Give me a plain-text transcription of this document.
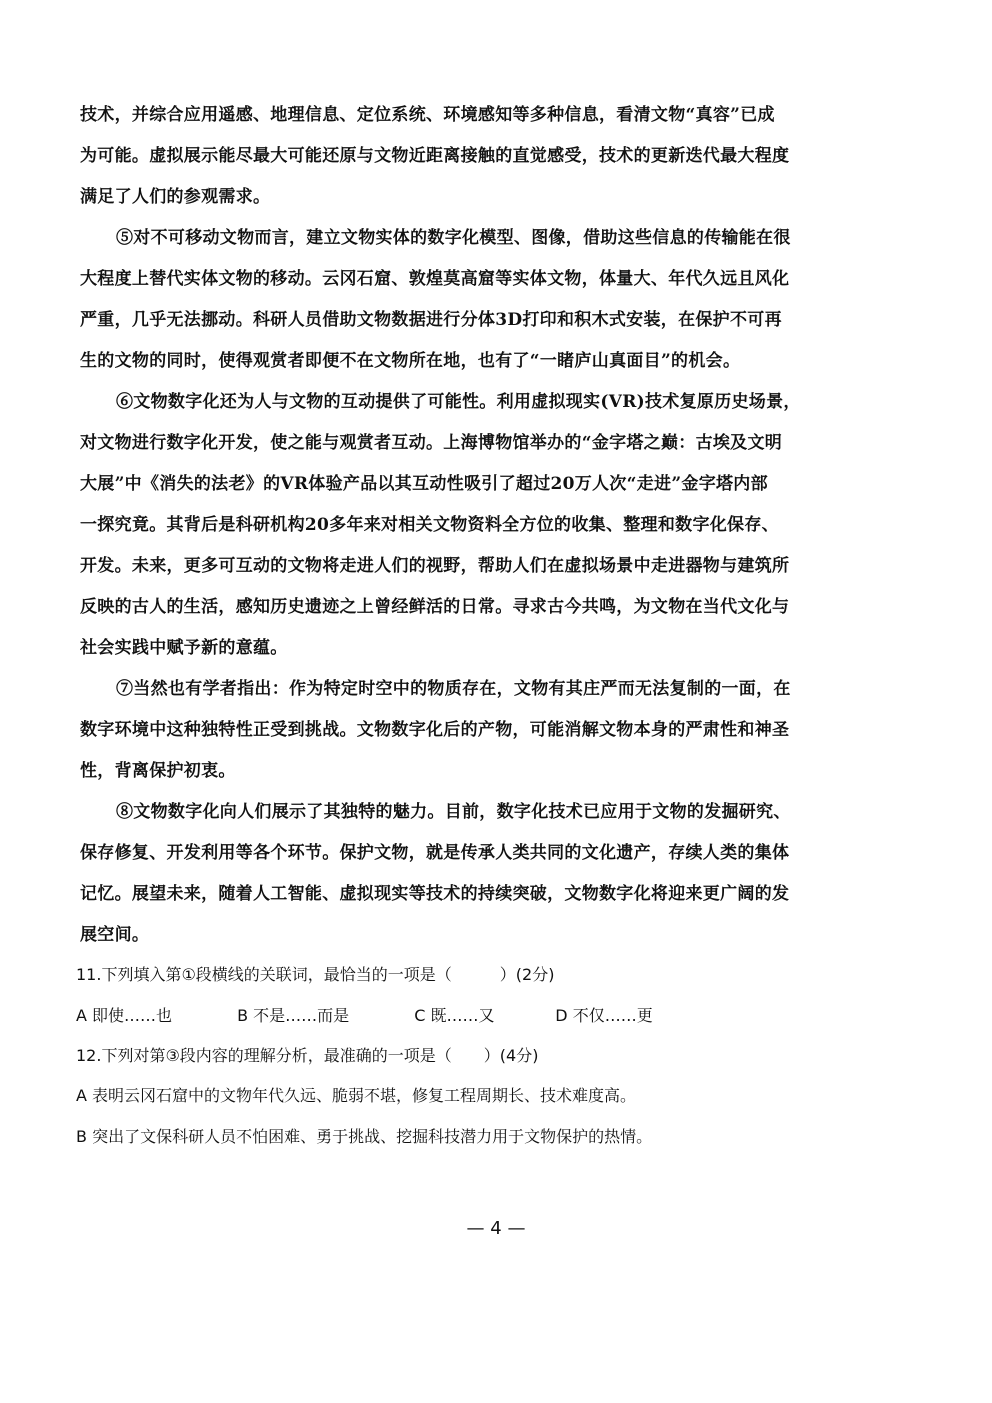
技术，并综合应用遥感、地理信息、定位系统、环境感知等多种信息，看清文物“真容”已成
为可能。虚拟展示能尽最大可能还原与文物近距离接触的直觉感受，技术的更新迭代最大程度
满足了人们的参观需求。
⑤对不可移动文物而言，建立文物实体的数字化模型、图像，借助这些信息的传输能在很
大程度上替代实体文物的移动。云冈石窟、敦煌莫高窟等实体文物，体量大、年代久远且风化
严重，几乎无法挪动。科研人员借助文物数据进行分体3D打印和积木式安装，在保护不可再
生的文物的同时，使得观赏者即便不在文物所在地，也有了“一睹庐山真面目”的机会。
⑥文物数字化还为人与文物的互动提供了可能性。利用虚拟现实(VR)技术复原历史场景，
对文物进行数字化开发，使之能与观赏者互动。上海博物馆举办的“金字塔之巅：古埃及文明
大展”中《消失的法老》的VR体验产品以其互动性吸引了超过20万人次“走进”金字塔内部
一探究竟。其背后是科研机构20多年来对相关文物资料全方位的收集、整理和数字化保存、
开发。未来，更多可互动的文物将走进人们的视野，帮助人们在虚拟场景中走进器物与建筑所
反映的古人的生活，感知历史遗迹之上曾经鲜活的日常。寻求古今共鸣，为文物在当代文化与
社会实践中赋予新的意蕴。
⑦当然也有学者指出：作为特定时空中的物质存在，文物有其庄严而无法复制的一面，在
数字环境中这种独特性正受到挑战。文物数字化后的产物，可能消解文物本身的严肃性和神圣
性，背离保护初衷。
⑧文物数字化向人们展示了其独特的魅力。目前，数字化技术已应用于文物的发掘研究、
保存修复、开发利用等各个环节。保护文物，就是传承人类共同的文化遗产，存续人类的集体
记忆。展望未来，随着人工智能、虚拟现实等技术的持续突破，文物数字化将迎来更广阔的发
展空间。
11.下列填入第①段横线的关联词，最恰当的一项是（　　　）(2分)
A 即使……也	B 不是……而是	C 既……又	D 不仅……更
12.下列对第③段内容的理解分析，最准确的一项是（　　）(4分)
A 表明云冈石窟中的文物年代久远、脆弱不堪，修复工程周期长、技术难度高。
B 突出了文保科研人员不怕困难、勇于挑战、挖掘科技潜力用于文物保护的热情。
— 4 —
